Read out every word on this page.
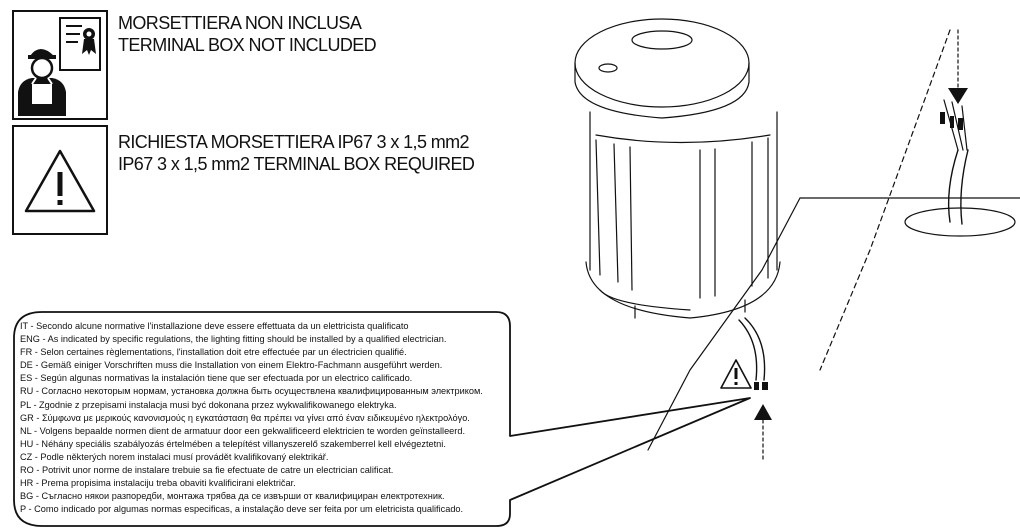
MORSETTIERA NON INCLUSA
TERMINAL BOX NOT INCLUDED
RICHIESTA MORSETTIERA IP67 3 x 1,5 mm2
IP67 3 x 1,5 mm2 TERMINAL BOX REQUIRED
IT - Secondo alcune normative l'installazione deve essere effettuata da un elettricista qualificato
ENG - As indicated by specific regulations, the lighting fitting should be installed by a qualified electrician.
FR - Selon certaines règlementations, l'installation doit etre effectuée par un électricien qualifié.
DE - Gemäß einiger Vorschriften muss die Installation von einem Elektro-Fachmann ausgeführt werden.
ES - Según algunas normativas la instalación tiene que ser efectuada por un electrico calificado.
RU - Согласно некоторым нормам, установка должна быть осуществлена квалифицированным электриком.
PL - Zgodnie z przepisami instalacja musi być dokonana przez wykwalifikowanego elektryka.
GR - Σύμφωνα με μερικούς κανονισμούς η εγκατάσταση θα πρέπει να γίνει από έναν ειδικευμένο ηλεκτρολόγο.
NL - Volgens bepaalde normen dient de armatuur door een gekwalificeerd elektricien te worden geïnstalleerd.
HU - Néhány speciális szabályozás értelmében a telepítést villanyszerelő szakemberrel kell elvégeztetni.
CZ - Podle některých norem instalaci musí provádět kvalifikovaný elektrikář.
RO - Potrivit unor norme de instalare trebuie sa fie efectuate de catre un electrician calificat.
HR - Prema propisima instalaciju treba obaviti kvalificirani električar.
BG - Съгласно някои разпоредби, монтажа трябва да се извърши от квалифициран електротехник.
P - Como indicado por algumas normas especificas, a instalação deve ser feita por um eletricista qualificado.
